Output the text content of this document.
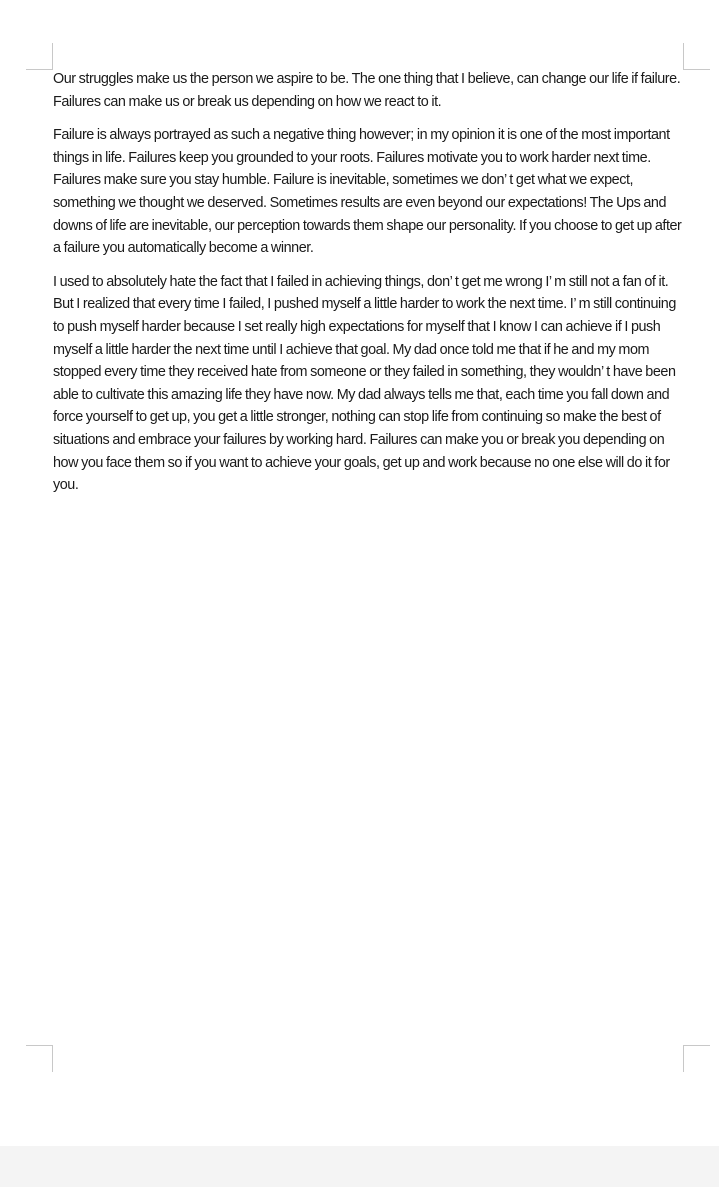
Our struggles make us the person we aspire to be. The one thing that I believe, can change our life if failure. Failures can make us or break us depending on how we react to it.

Failure is always portrayed as such a negative thing however; in my opinion it is one of the most important things in life. Failures keep you grounded to your roots. Failures motivate you to work harder next time. Failures make sure you stay humble. Failure is inevitable, sometimes we don’ t get what we expect, something we thought we deserved. Sometimes results are even beyond our expectations! The Ups and downs of life are inevitable, our perception towards them shape our personality. If you choose to get up after a failure you automatically become a winner.

I used to absolutely hate the fact that I failed in achieving things, don’ t get me wrong I’ m still not a fan of it. But I realized that every time I failed, I pushed myself a little harder to work the next time. I’ m still continuing to push myself harder because I set really high expectations for myself that I know I can achieve if I push myself a little harder the next time until I achieve that goal. My dad once told me that if he and my mom stopped every time they received hate from someone or they failed in something, they wouldn’ t have been able to cultivate this amazing life they have now. My dad always tells me that, each time you fall down and force yourself to get up, you get a little stronger, nothing can stop life from continuing so make the best of situations and embrace your failures by working hard. Failures can make you or break you depending on how you face them so if you want to achieve your goals, get up and work because no one else will do it for you.
